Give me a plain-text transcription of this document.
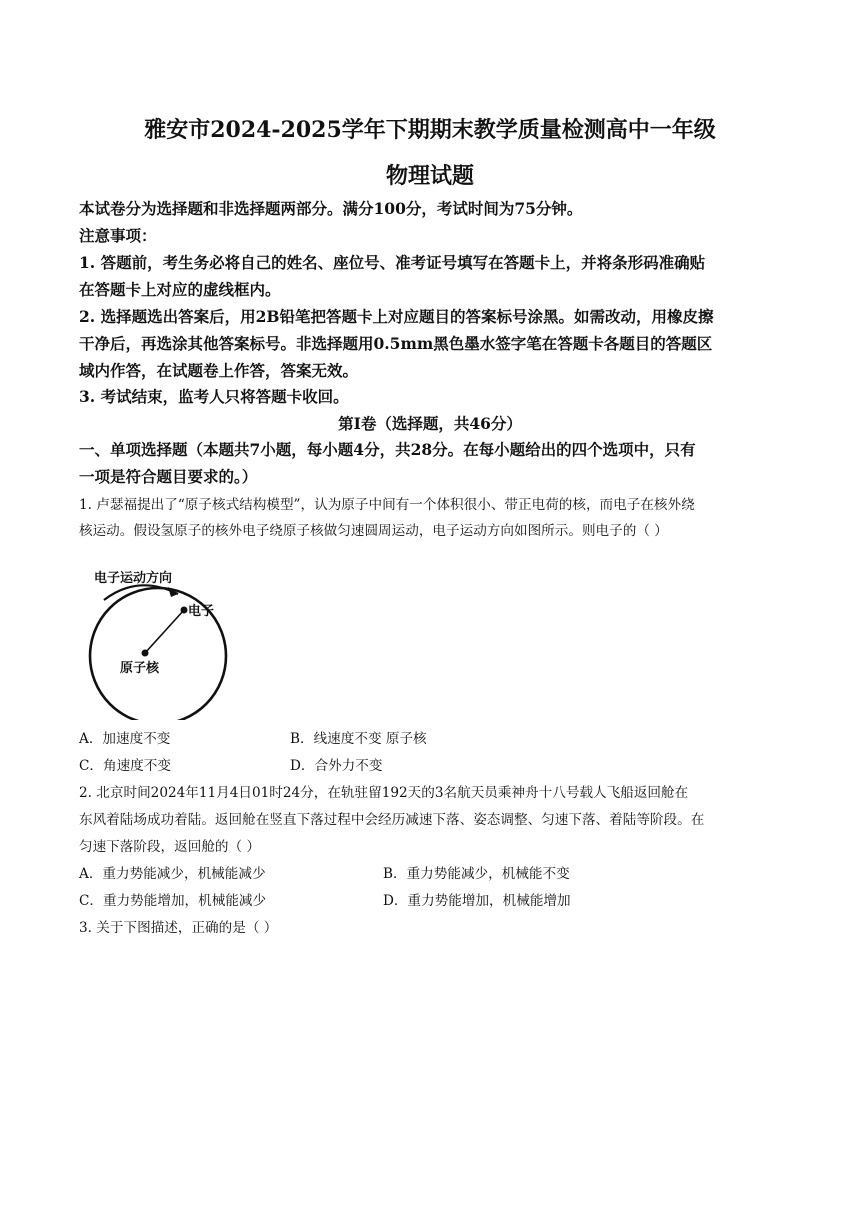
雅安市2024-2025学年下期期末教学质量检测高中一年级
物理试题
本试卷分为选择题和非选择题两部分。满分100分，考试时间为75分钟。
注意事项：
1. 答题前，考生务必将自己的姓名、座位号、准考证号填写在答题卡上，并将条形码准确贴
在答题卡上对应的虚线框内。
2. 选择题选出答案后，用2B铅笔把答题卡上对应题目的答案标号涂黑。如需改动，用橡皮擦
干净后，再选涂其他答案标号。非选择题用0.5mm黑色墨水签字笔在答题卡各题目的答题区
域内作答，在试题卷上作答，答案无效。
3. 考试结束，监考人只将答题卡收回。
第Ⅰ卷（选择题，共46分）
一、单项选择题（本题共7小题，每小题4分，共28分。在每小题给出的四个选项中，只有
一项是符合题目要求的。）
1. 卢瑟福提出了“原子核式结构模型”，认为原子中间有一个体积很小、带正电荷的核，而电子在核外绕
核运动。假设氢原子的核外电子绕原子核做匀速圆周运动，电子运动方向如图所示。则电子的（ ）
电子运动方向
电子
原子核
A．加速度不变	B．线速度不变 原子核
C．角速度不变	D．合外力不变
2. 北京时间2024年11月4日01时24分，在轨驻留192天的3名航天员乘神舟十八号载人飞船返回舱在
东风着陆场成功着陆。返回舱在竖直下落过程中会经历减速下落、姿态调整、匀速下落、着陆等阶段。在
匀速下落阶段，返回舱的（ ）
A．重力势能减少，机械能减少	B．重力势能减少，机械能不变
C．重力势能增加，机械能减少	D．重力势能增加，机械能增加
3. 关于下图描述，正确的是（ ）
